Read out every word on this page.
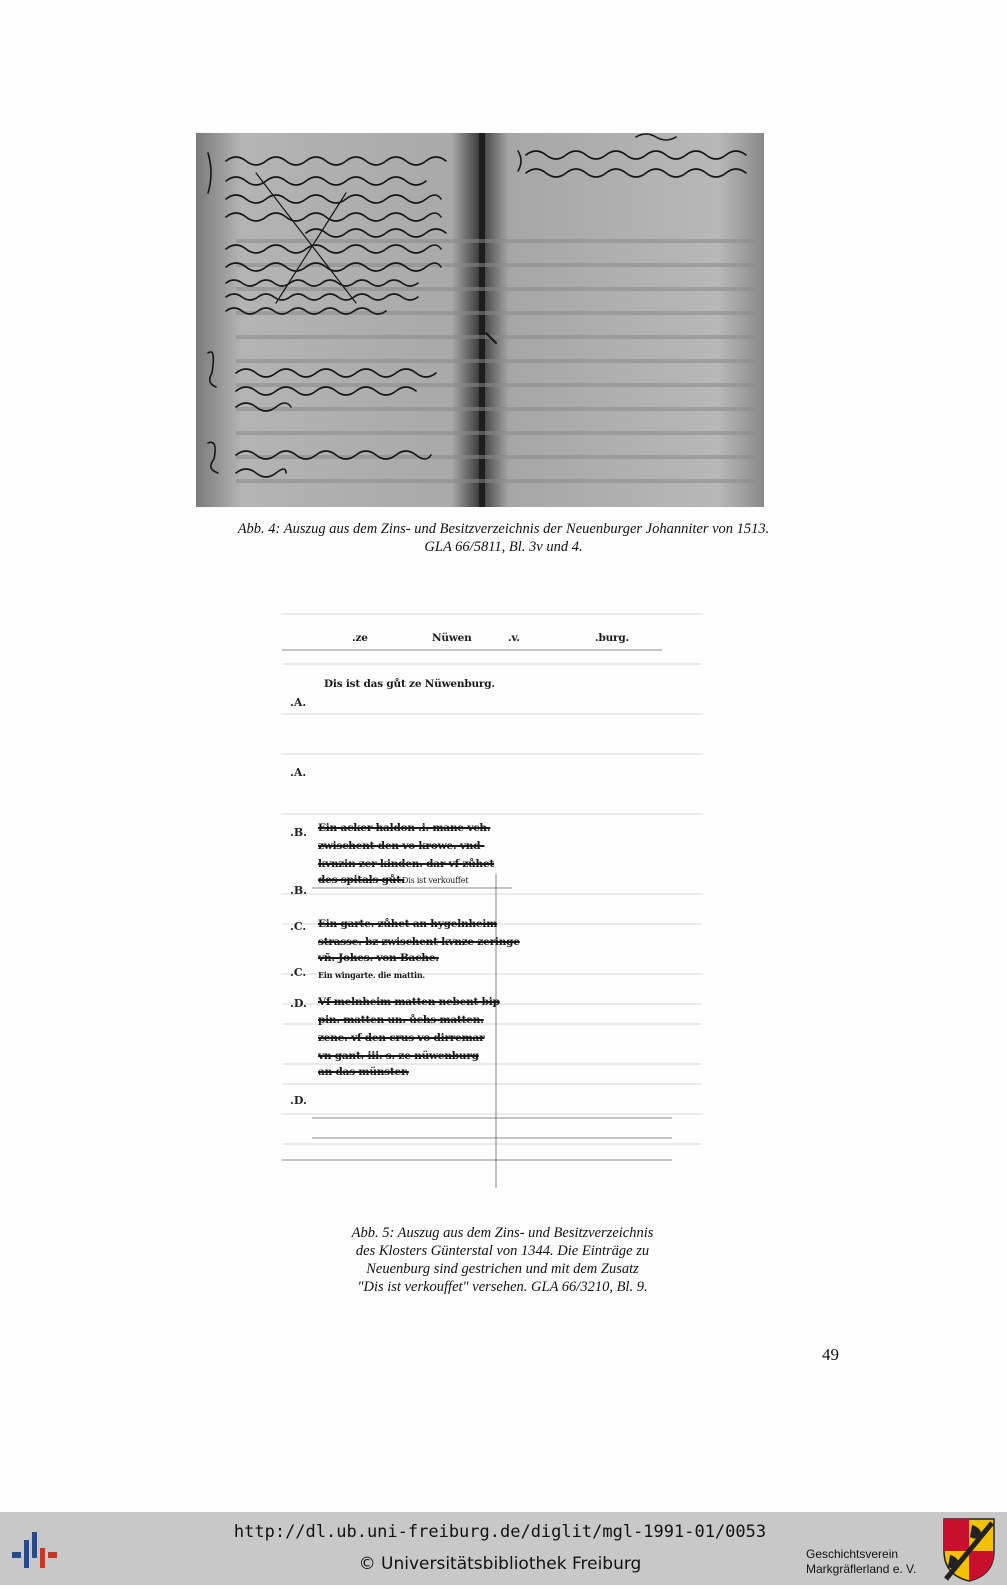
Abb. 4: Auszug aus dem Zins- und Besitzverzeichnis der Neuenburger Johanniter von 1513.
GLA 66/5811, Bl. 3v und 4.
.ze	Nüwen	.v.	.burg.
Dis ist das gůt ze Nüwenburg.
.A.
.A.
.B.
.B.
.C.
.C.
.D.
.D.
Ein acker haldon .i. mane vch.
zwischent den vo krowe. vnd-
kvnzin zer kinden. dar vf zůhet
des spitals gůt.
Dis ist verkouffet
Ein garte. zůhet an hygelnheim
strasse. bz zwischent kvnze zeringe
vñ. Johes. von Bache.
Ein wingarte. die mattin.
Vf melnheim matten nebent bip
pin. matten un. ůchs matten.
zene. vf den crus vo dirremar
vn gant. iii. s. ze nüwenburg
an das münster.
Abb. 5: Auszug aus dem Zins- und Besitzverzeichnis
des Klosters Günterstal von 1344. Die Einträge zu
Neuenburg sind gestrichen und mit dem Zusatz
"Dis ist verkouffet" versehen. GLA 66/3210, Bl. 9.
49
http://dl.ub.uni-freiburg.de/diglit/mgl-1991-01/0053
© Universitätsbibliothek Freiburg	Geschichtsverein
Markgräflerland e. V.
